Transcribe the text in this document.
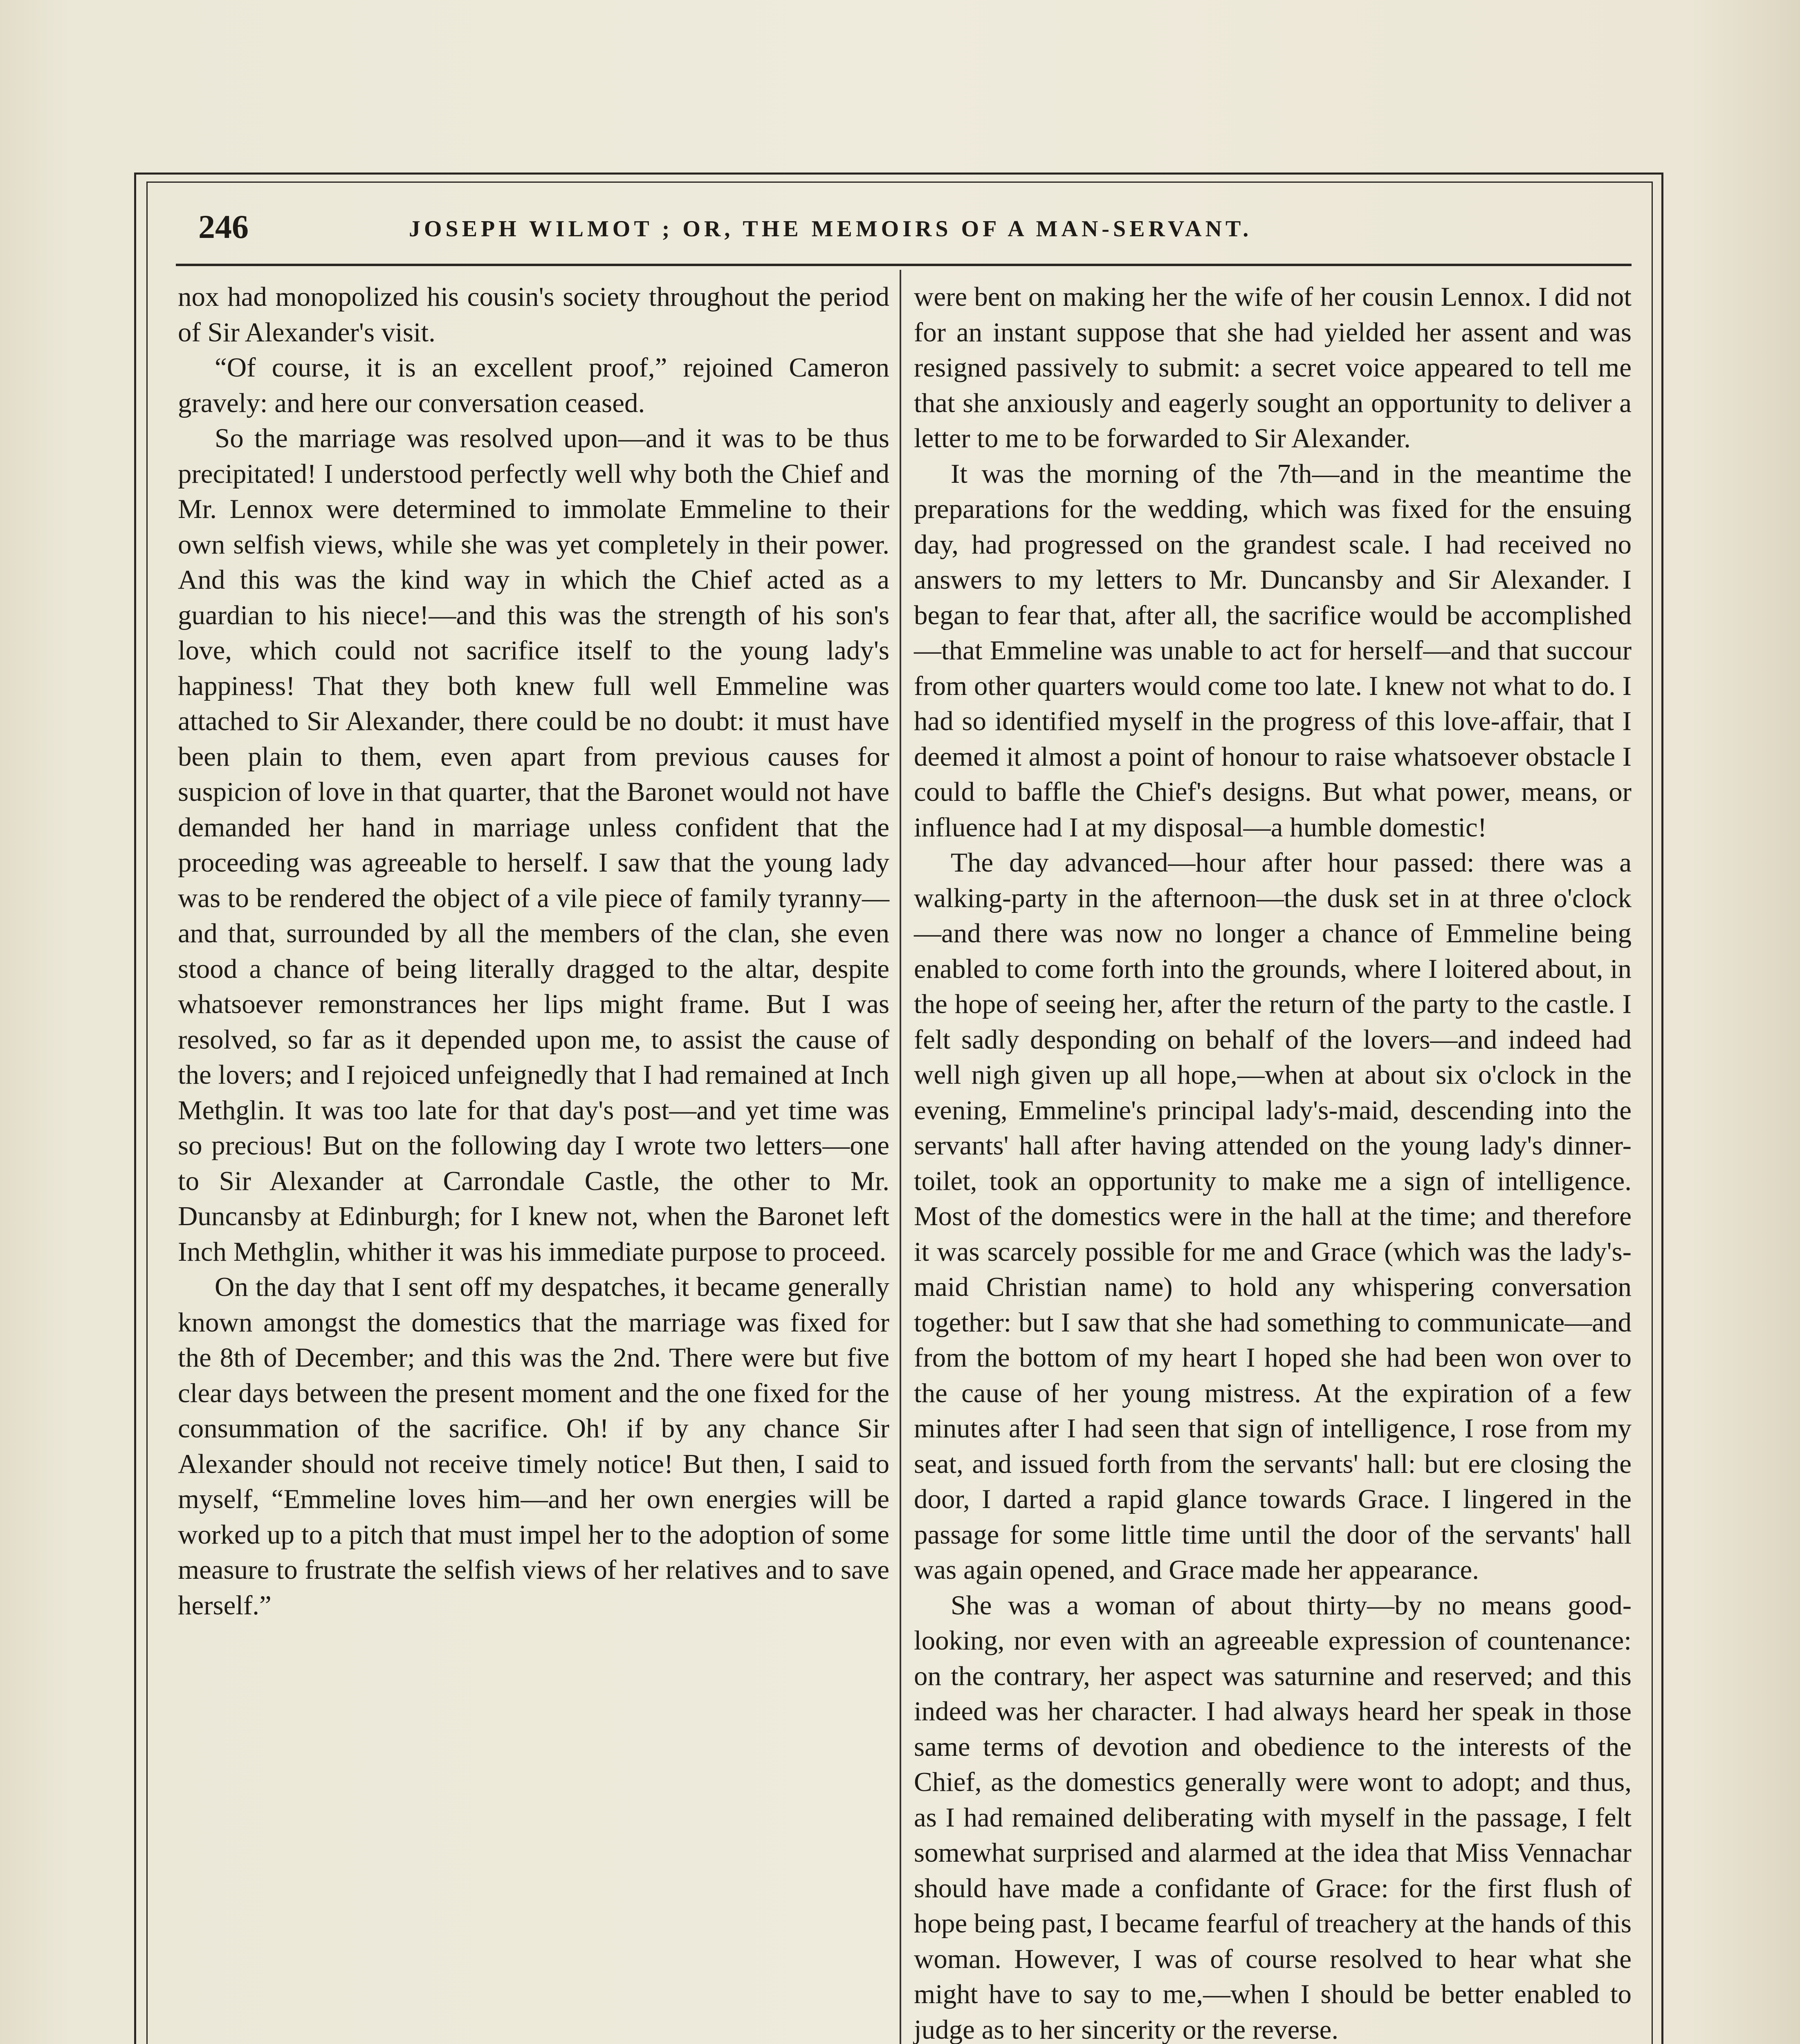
246	JOSEPH WILMOT ; OR, THE MEMOIRS OF A MAN-SERVANT.

nox had monopolized his cousin's society throughout the period of Sir Alexander's visit.

“Of course, it is an excellent proof,” rejoined Cameron gravely: and here our conversation ceased.

So the marriage was resolved upon—and it was to be thus precipitated! I understood perfectly well why both the Chief and Mr. Lennox were determined to immolate Emmeline to their own selfish views, while she was yet completely in their power. And this was the kind way in which the Chief acted as a guardian to his niece!—and this was the strength of his son's love, which could not sacrifice itself to the young lady's happiness! That they both knew full well Emmeline was attached to Sir Alexander, there could be no doubt: it must have been plain to them, even apart from previous causes for suspicion of love in that quarter, that the Baronet would not have demanded her hand in marriage unless confident that the proceeding was agreeable to herself. I saw that the young lady was to be rendered the object of a vile piece of family tyranny—and that, surrounded by all the members of the clan, she even stood a chance of being literally dragged to the altar, despite whatsoever remonstrances her lips might frame. But I was resolved, so far as it depended upon me, to assist the cause of the lovers; and I rejoiced unfeignedly that I had remained at Inch Methglin. It was too late for that day's post—and yet time was so precious! But on the following day I wrote two letters—one to Sir Alexander at Carrondale Castle, the other to Mr. Duncansby at Edinburgh; for I knew not, when the Baronet left Inch Methglin, whither it was his immediate purpose to proceed.

On the day that I sent off my despatches, it became generally known amongst the domestics that the marriage was fixed for the 8th of December; and this was the 2nd. There were but five clear days between the present moment and the one fixed for the consummation of the sacrifice. Oh! if by any chance Sir Alexander should not receive timely notice! But then, I said to myself, “Emmeline loves him—and her own energies will be worked up to a pitch that must impel her to the adoption of some measure to frustrate the selfish views of her relatives and to save herself.”

were bent on making her the wife of her cousin Lennox. I did not for an instant suppose that she had yielded her assent and was resigned passively to submit: a secret voice appeared to tell me that she anxiously and eagerly sought an opportunity to deliver a letter to me to be forwarded to Sir Alexander.

It was the morning of the 7th—and in the meantime the preparations for the wedding, which was fixed for the ensuing day, had progressed on the grandest scale. I had received no answers to my letters to Mr. Duncansby and Sir Alexander. I began to fear that, after all, the sacrifice would be accomplished—that Emmeline was unable to act for herself—and that succour from other quarters would come too late. I knew not what to do. I had so identified myself in the progress of this love-affair, that I deemed it almost a point of honour to raise whatsoever obstacle I could to baffle the Chief's designs. But what power, means, or influence had I at my disposal—a humble domestic!

The day advanced—hour after hour passed: there was a walking-party in the afternoon—the dusk set in at three o'clock—and there was now no longer a chance of Emmeline being enabled to come forth into the grounds, where I loitered about, in the hope of seeing her, after the return of the party to the castle. I felt sadly desponding on behalf of the lovers—and indeed had well nigh given up all hope,—when at about six o'clock in the evening, Emmeline's principal lady's-maid, descending into the servants' hall after having attended on the young lady's dinner-toilet, took an opportunity to make me a sign of intelligence. Most of the domestics were in the hall at the time; and therefore it was scarcely possible for me and Grace (which was the lady's-maid Christian name) to hold any whispering conversation together: but I saw that she had something to communicate—and from the bottom of my heart I hoped she had been won over to the cause of her young mistress. At the expiration of a few minutes after I had seen that sign of intelligence, I rose from my seat, and issued forth from the servants' hall: but ere closing the door, I darted a rapid glance towards Grace. I lingered in the passage for some little time until the door of the servants' hall was again opened, and Grace made her appearance.

She was a woman of about thirty—by no means good-looking, nor even with an agreeable expression of countenance: on the contrary, her aspect was saturnine and reserved; and this indeed was her character. I had always heard her speak in those same terms of devotion and obedience to the interests of the Chief, as the domestics generally were wont to adopt; and thus, as I had remained deliberating with myself in the passage, I felt somewhat surprised and alarmed at the idea that Miss Vennachar should have made a confidante of Grace: for the first flush of hope being past, I became fearful of treachery at the hands of this woman. However, I was of course resolved to hear what she might have to say to me,—when I should be better enabled to judge as to her sincerity or the reverse.
